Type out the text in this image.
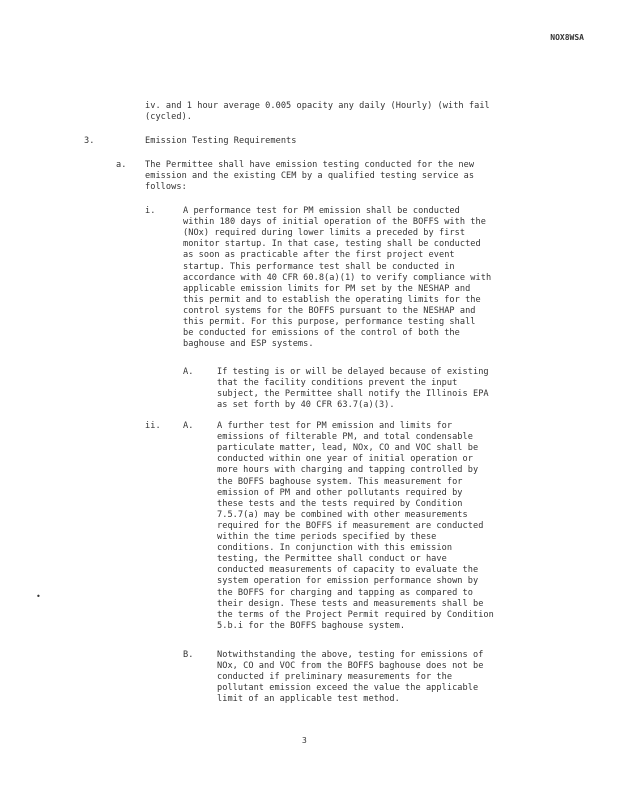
NOX8WSA
iv. and 1 hour average 0.005 opacity any daily (Hourly) (with fail
(cycled).
3.	Emission Testing Requirements
a. The Permittee shall have emission testing conducted for the new
emission and the existing CEM by a qualified testing service as
follows:
i.	A performance test for PM emission shall be conducted
within 180 days of initial operation of the BOFFS with the
(NOx) required during lower limits a preceded by first
monitor startup. In that case, testing shall be conducted
as soon as practicable after the first project event
startup. This performance test shall be conducted in
accordance with 40 CFR 60.8(a)(1) to verify compliance with
applicable emission limits for PM set by the NESHAP and
this permit and to establish the operating limits for the
control systems for the BOFFS pursuant to the NESHAP and
this permit. For this purpose, performance testing shall
be conducted for emissions of the control of both the
baghouse and ESP systems.
A.	If testing is or will be delayed because of existing
that the facility conditions prevent the input
subject, the Permittee shall notify the Illinois EPA
as set forth by 40 CFR 63.7(a)(3).
ii.	A.	A further test for PM emission and limits for
emissions of filterable PM, and total condensable
particulate matter, lead, NOx, CO and VOC shall be
conducted within one year of initial operation or
more hours with charging and tapping controlled by
the BOFFS baghouse system. This measurement for
emission of PM and other pollutants required by
these tests and the tests required by Condition
7.5.7(a) may be combined with other measurements
required for the BOFFS if measurement are conducted
within the time periods specified by these
conditions. In conjunction with this emission
testing, the Permittee shall conduct or have
conducted measurements of capacity to evaluate the
system operation for emission performance shown by
the BOFFS for charging and tapping as compared to
their design. These tests and measurements shall be
the terms of the Project Permit required by Condition
5.b.i for the BOFFS baghouse system.
B.	Notwithstanding the above, testing for emissions of
NOx, CO and VOC from the BOFFS baghouse does not be
conducted if preliminary measurements for the
pollutant emission exceed the value the applicable
limit of an applicable test method.
•
3
